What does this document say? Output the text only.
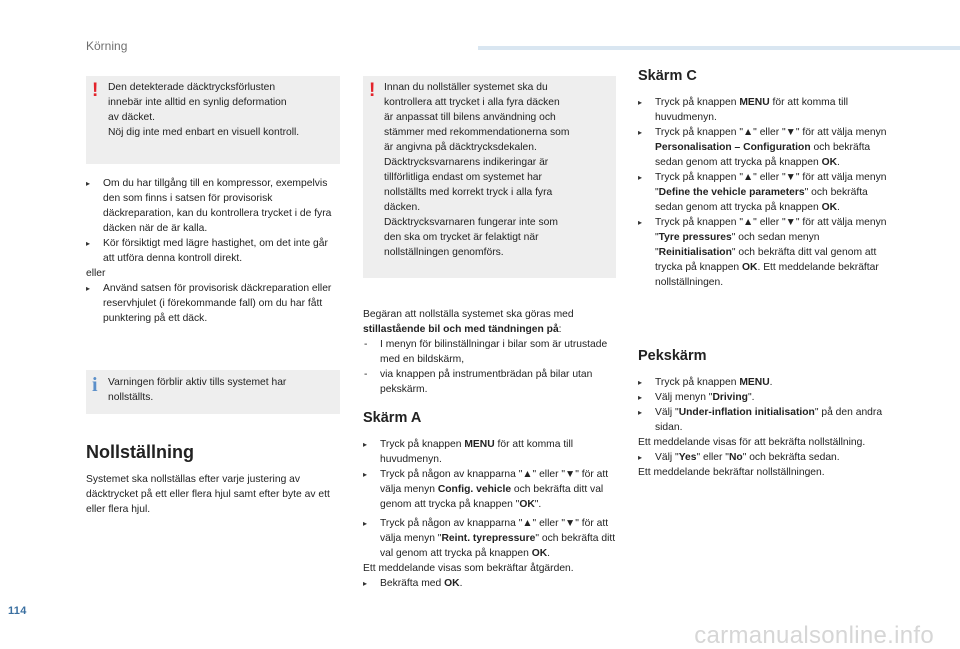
Körning
! Den detekterade däcktrycksförlusten

innebär inte alltid en synlig deformation

av däcket.

Nöj dig inte med enbart en visuell kontroll.

▸ Om du har tillgång till en kompressor, exempelvis den som finns i satsen för provisorisk däckreparation, kan du kontrollera trycket i de fyra däcken när de är kalla.

▸ Kör försiktigt med lägre hastighet, om det inte går att utföra denna kontroll direkt.

eller

▸ Använd satsen för provisorisk däckreparation eller reservhjulet (i förekommande fall) om du har fått punktering på ett däck.

i Varningen förblir aktiv tills systemet har nollställts.

Nollställning

Systemet ska nollställas efter varje justering av däcktrycket på ett eller flera hjul samt efter byte av ett eller flera hjul.

! Innan du nollställer systemet ska du

kontrollera att trycket i alla fyra däcken

är anpassat till bilens användning och

stämmer med rekommendationerna som

är angivna på däcktrycksdekalen.

Däcktrycksvarnarens indikeringar är

tillförlitliga endast om systemet har

nollställts med korrekt tryck i alla fyra

däcken.

Däcktrycksvarnaren fungerar inte som

den ska om trycket är felaktigt när

nollställningen genomförs.

Begäran att nollställa systemet ska göras med
stillastående bil och med tändningen på:

- I menyn för bilinställningar i bilar som är utrustade med en bildskärm,

- via knappen på instrumentbrädan på bilar utan pekskärm.

Skärm A

▸ Tryck på knappen MENU för att komma till huvudmenyn.

▸ Tryck på någon av knapparna "▲" eller "▼" för att välja menyn Config. vehicle och bekräfta ditt val genom att trycka på knappen "OK".

▸ Tryck på någon av knapparna "▲" eller "▼" för att välja menyn "Reint. tyrepressure" och bekräfta ditt val genom att trycka på knappen OK.

Ett meddelande visas som bekräftar åtgärden.

▸ Bekräfta med OK.

Skärm C

▸ Tryck på knappen MENU för att komma till huvudmenyn.

▸ Tryck på knappen "▲" eller "▼" för att välja menyn Personalisation – Configuration och bekräfta sedan genom att trycka på knappen OK.

▸ Tryck på knappen "▲" eller "▼" för att välja menyn "Define the vehicle parameters" och bekräfta sedan genom att trycka på knappen OK.

▸ Tryck på knappen "▲" eller "▼" för att välja menyn "Tyre pressures" och sedan menyn "Reinitialisation" och bekräfta ditt val genom att trycka på knappen OK. Ett meddelande bekräftar nollställningen.

Pekskärm

▸ Tryck på knappen MENU.

▸ Välj menyn "Driving".

▸ Välj "Under-inflation initialisation" på den andra sidan.

Ett meddelande visas för att bekräfta nollställning.

▸ Välj "Yes" eller "No" och bekräfta sedan.

Ett meddelande bekräftar nollställningen.

114
carmanualsonline.info
